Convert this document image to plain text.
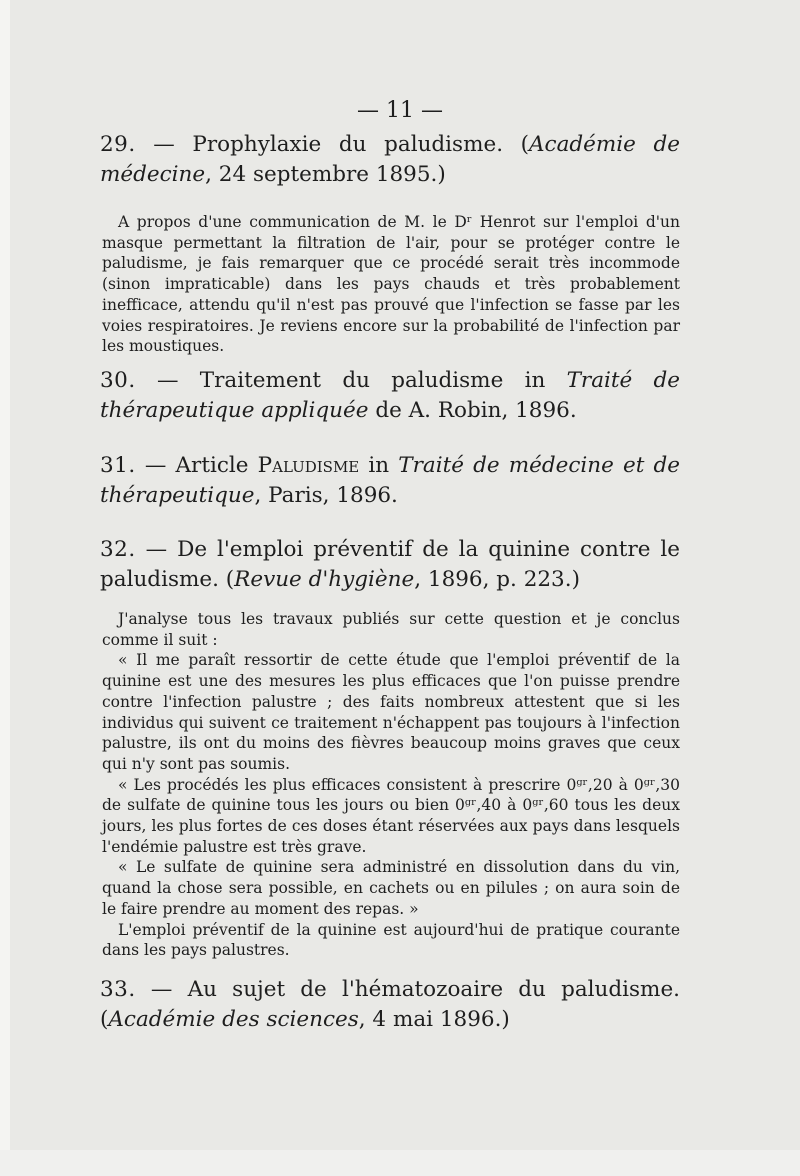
— 11 —
29. — Prophylaxie du paludisme. (Académie de médecine, 24 septembre 1895.)

A propos d'une communication de M. le Dʳ Henrot sur l'emploi d'un masque permettant la filtration de l'air, pour se protéger contre le paludisme, je fais remarquer que ce procédé serait très incommode (sinon impraticable) dans les pays chauds et très probablement inefficace, attendu qu'il n'est pas prouvé que l'infection se fasse par les voies respiratoires. Je reviens encore sur la probabilité de l'infection par les moustiques.

30. — Traitement du paludisme in Traité de thérapeutique appliquée de A. Robin, 1896.
31. — Article Paludisme in Traité de médecine et de thérapeutique, Paris, 1896.
32. — De l'emploi préventif de la quinine contre le paludisme. (Revue d'hygiène, 1896, p. 223.)

J'analyse tous les travaux publiés sur cette question et je conclus comme il suit :

« Il me paraît ressortir de cette étude que l'emploi préventif de la quinine est une des mesures les plus efficaces que l'on puisse prendre contre l'infection palustre ; des faits nombreux attestent que si les individus qui suivent ce traitement n'échappent pas toujours à l'infection palustre, ils ont du moins des fièvres beaucoup moins graves que ceux qui n'y sont pas soumis.

« Les procédés les plus efficaces consistent à prescrire 0ᵍʳ,20 à 0ᵍʳ,30 de sulfate de quinine tous les jours ou bien 0ᵍʳ,40 à 0ᵍʳ,60 tous les deux jours, les plus fortes de ces doses étant réservées aux pays dans lesquels l'endémie palustre est très grave.

« Le sulfate de quinine sera administré en dissolution dans du vin, quand la chose sera possible, en cachets ou en pilules ; on aura soin de le faire prendre au moment des repas. »

L'emploi préventif de la quinine est aujourd'hui de pratique courante dans les pays palustres.

33. — Au sujet de l'hématozoaire du paludisme. (Académie des sciences, 4 mai 1896.)
